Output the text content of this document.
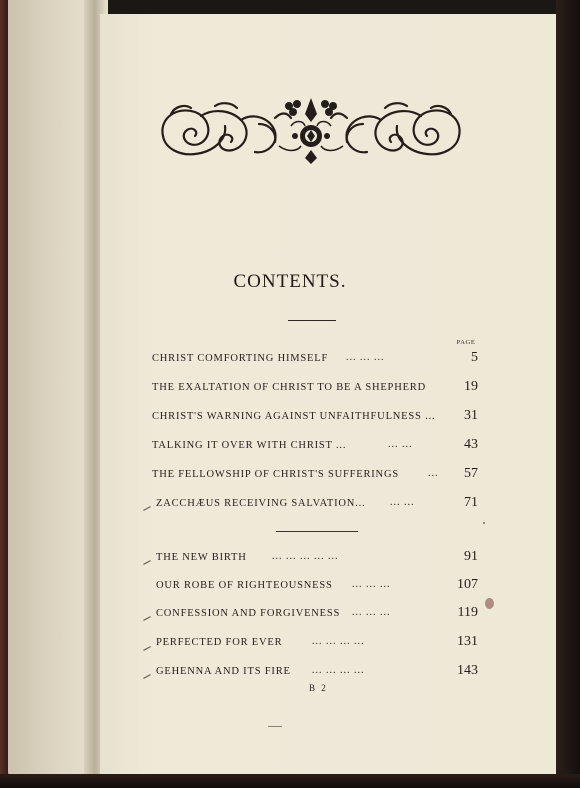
CONTENTS.
PAGE
CHRIST COMFORTING HIMSELF ... ... ...	5
THE EXALTATION OF CHRIST TO BE A SHEPHERD	19
CHRIST'S WARNING AGAINST UNFAITHFULNESS ... 31
TALKING IT OVER WITH CHRIST ...	... ...	43
THE FELLOWSHIP OF CHRIST'S SUFFERINGS	... 57
ZACCHÆUS RECEIVING SALVATION... ... ...	71
THE NEW BIRTH	... ... ... ... ...	91
OUR ROBE OF RIGHTEOUSNESS ... ... ...	107
CONFESSION AND FORGIVENESS ... ... ...	119
PERFECTED FOR EVER	... ... ... ...	131
GEHENNA AND ITS FIRE ... ... ... ...	143
B 2
